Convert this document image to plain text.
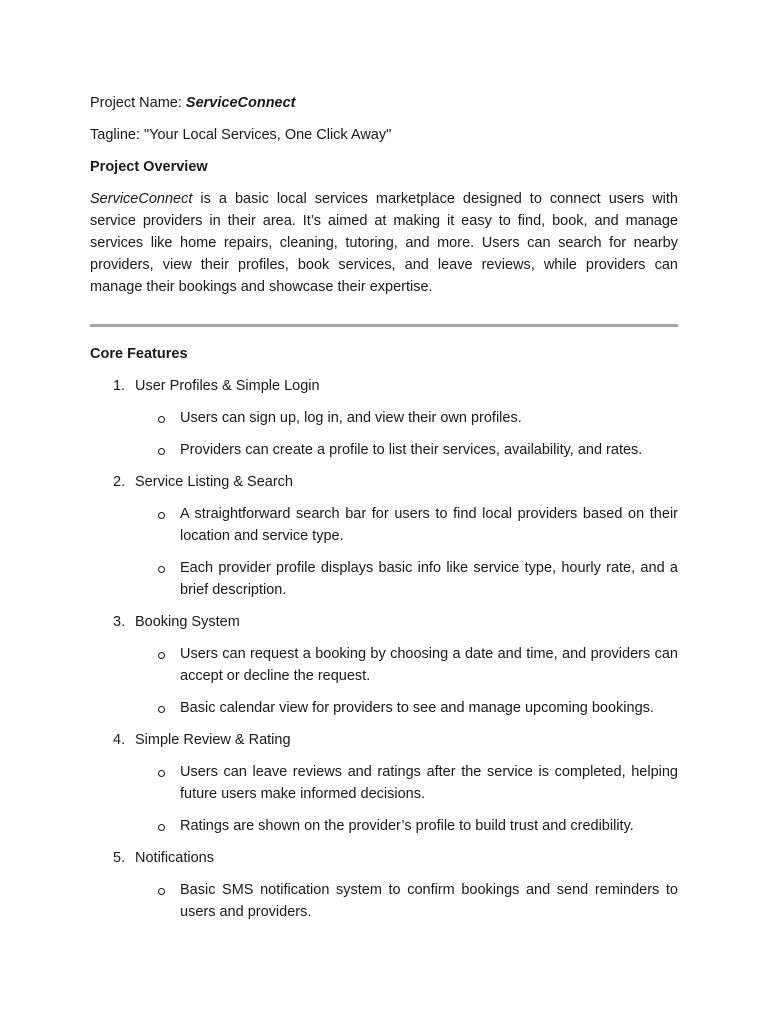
Project Name: ServiceConnect

Tagline: "Your Local Services, One Click Away"

Project Overview

ServiceConnect is a basic local services marketplace designed to connect users with service providers in their area. It’s aimed at making it easy to find, book, and manage services like home repairs, cleaning, tutoring, and more. Users can search for nearby providers, view their profiles, book services, and leave reviews, while providers can manage their bookings and showcase their expertise.

Core Features

1. User Profiles & Simple Login
Users can sign up, log in, and view their own profiles.
Providers can create a profile to list their services, availability, and rates.
2. Service Listing & Search
A straightforward search bar for users to find local providers based on their location and service type.
Each provider profile displays basic info like service type, hourly rate, and a brief description.
3. Booking System
Users can request a booking by choosing a date and time, and providers can accept or decline the request.
Basic calendar view for providers to see and manage upcoming bookings.
4. Simple Review & Rating
Users can leave reviews and ratings after the service is completed, helping future users make informed decisions.
Ratings are shown on the provider’s profile to build trust and credibility.
5. Notifications
Basic SMS notification system to confirm bookings and send reminders to users and providers.
